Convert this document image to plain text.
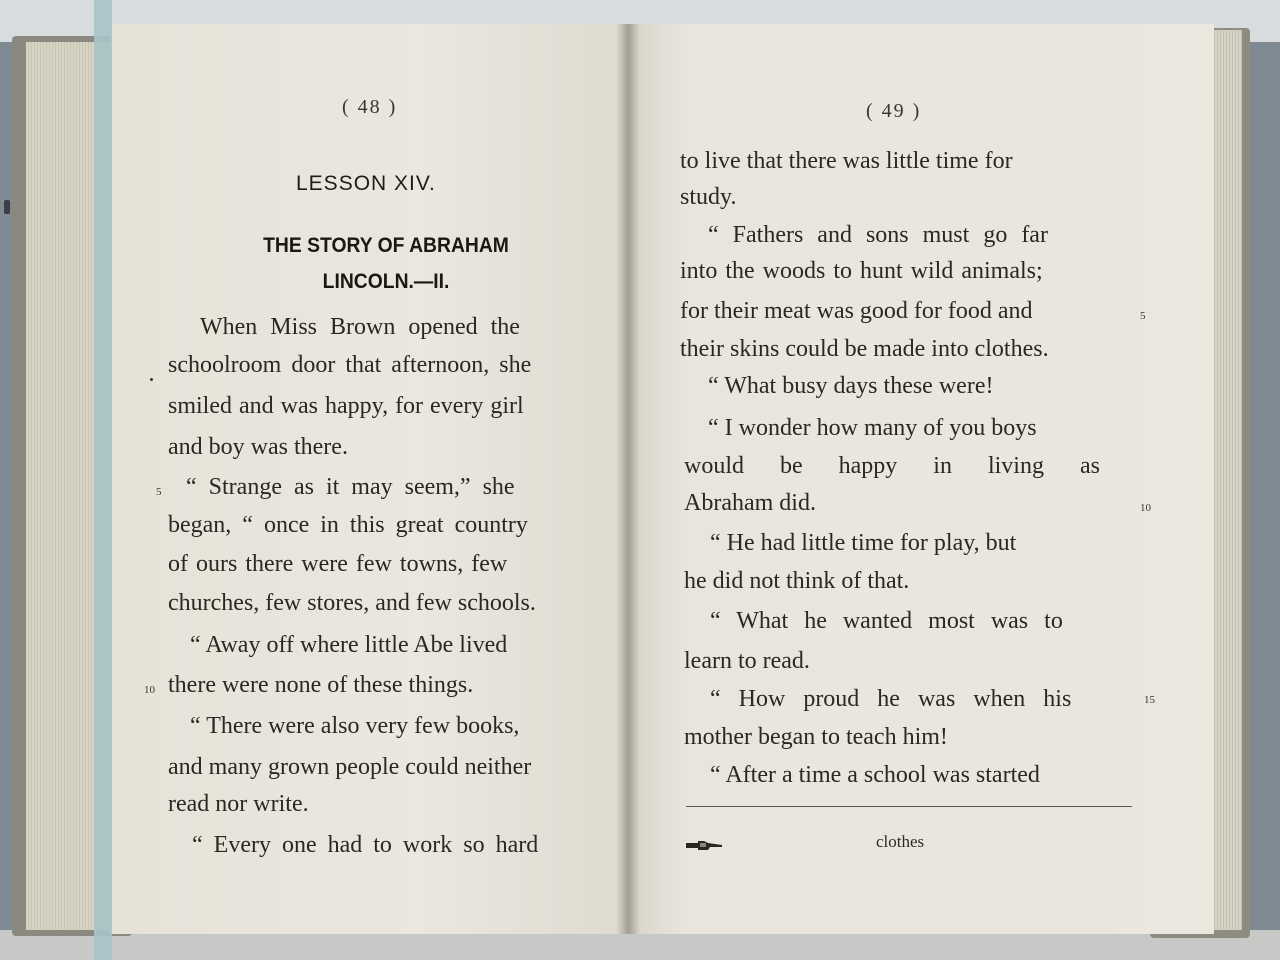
( 48 )
LESSON XIV.
THE STORY OF ABRAHAM
LINCOLN.—II.
When Miss Brown opened the
schoolroom door that afternoon, she
smiled and was happy, for every girl
and boy was there.
5 “ Strange as it may seem,” she
began, “ once in this great country
of ours there were few towns, few
churches, few stores, and few schools.
“ Away off where little Abe lived
10 there were none of these things.
“ There were also very few books,
and many grown people could neither
read nor write.
“ Every one had to work so hard
( 49 )
to live that there was little time for
study.
“ Fathers and sons must go far
into the woods to hunt wild animals;
for their meat was good for food and	5
their skins could be made into clothes.
“ What busy days these were!
“ I wonder how many of you boys
would be happy in living as
Abraham did.	10
“ He had little time for play, but
he did not think of that.
“ What he wanted most was to
learn to read.
“ How proud he was when his	15
mother began to teach him!
“ After a time a school was started
clothes
